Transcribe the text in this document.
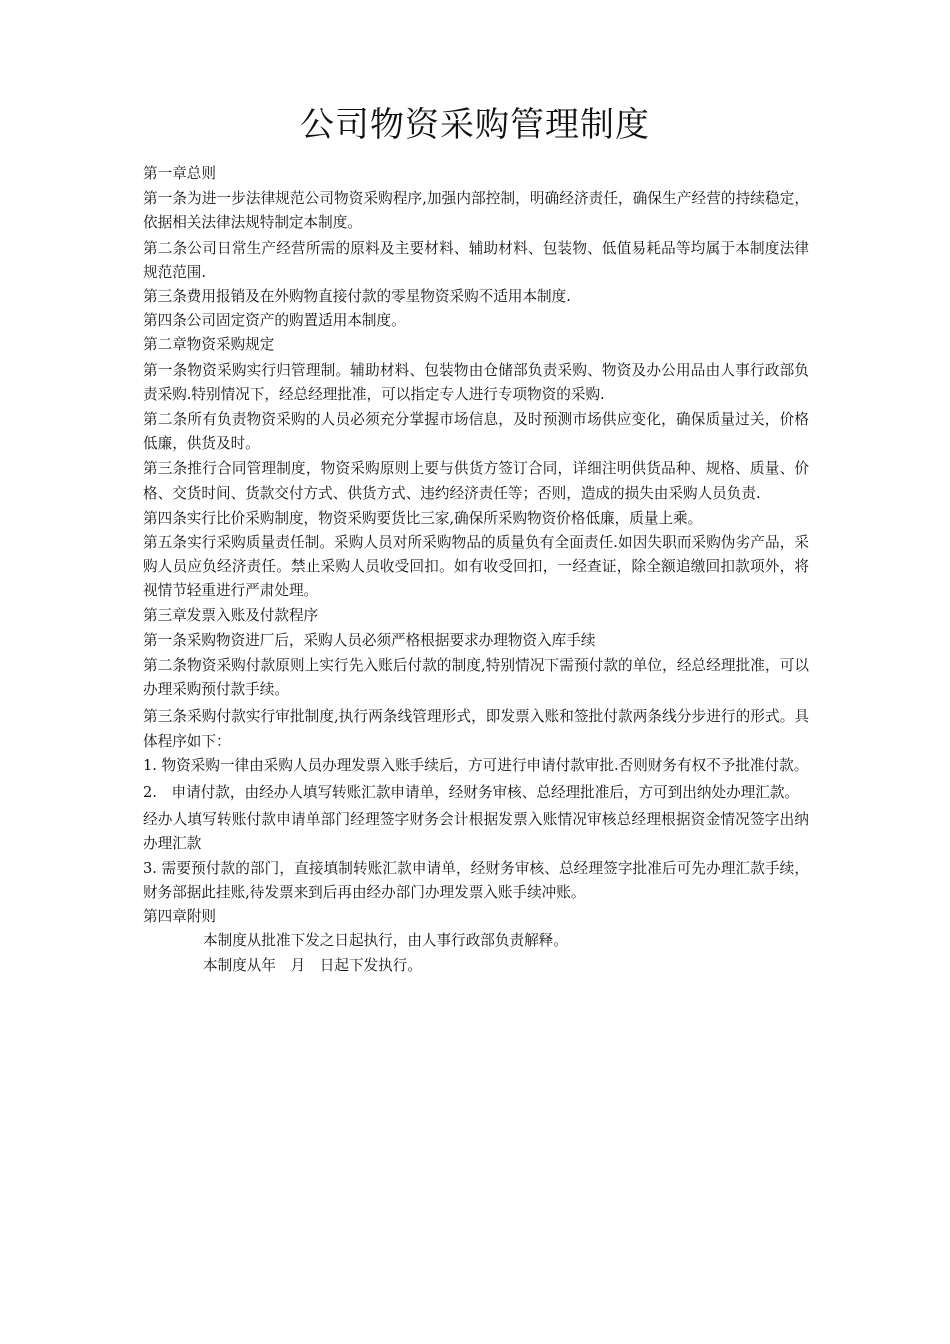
公司物资采购管理制度

第一章总则

第一条为进一步法律规范公司物资采购程序,加强内部控制，明确经济责任，确保生产经营的持续稳定，依据相关法律法规特制定本制度。

第二条公司日常生产经营所需的原料及主要材料、辅助材料、包装物、低值易耗品等均属于本制度法律规范范围.

第三条费用报销及在外购物直接付款的零星物资采购不适用本制度.

第四条公司固定资产的购置适用本制度。

第二章物资采购规定

第一条物资采购实行归管理制。辅助材料、包装物由仓储部负责采购、物资及办公用品由人事行政部负责采购.特别情况下，经总经理批准，可以指定专人进行专项物资的采购.

第二条所有负责物资采购的人员必须充分掌握市场信息，及时预测市场供应变化，确保质量过关，价格低廉，供货及时。

第三条推行合同管理制度，物资采购原则上要与供货方签订合同，详细注明供货品种、规格、质量、价格、交货时间、货款交付方式、供货方式、违约经济责任等；否则，造成的损失由采购人员负责.

第四条实行比价采购制度，物资采购要货比三家,确保所采购物资价格低廉，质量上乘。

第五条实行采购质量责任制。采购人员对所采购物品的质量负有全面责任.如因失职而采购伪劣产品，采购人员应负经济责任。禁止采购人员收受回扣。如有收受回扣，一经查证，除全额追缴回扣款项外，将视情节轻重进行严肃处理。

第三章发票入账及付款程序

第一条采购物资进厂后，采购人员必须严格根据要求办理物资入库手续

第二条物资采购付款原则上实行先入账后付款的制度,特别情况下需预付款的单位，经总经理批准，可以办理采购预付款手续。

第三条采购付款实行审批制度,执行两条线管理形式，即发票入账和签批付款两条线分步进行的形式。具体程序如下：

1. 物资采购一律由采购人员办理发票入账手续后，方可进行申请付款审批.否则财务有权不予批准付款。

2.　申请付款，由经办人填写转账汇款申请单，经财务审核、总经理批准后，方可到出纳处办理汇款。

经办人填写转账付款申请单部门经理签字财务会计根据发票入账情况审核总经理根据资金情况签字出纳办理汇款

3. 需要预付款的部门，直接填制转账汇款申请单，经财务审核、总经理签字批准后可先办理汇款手续，财务部据此挂账,待发票来到后再由经办部门办理发票入账手续冲账。

第四章附则

本制度从批准下发之日起执行，由人事行政部负责解释。

本制度从年　月　日起下发执行。
